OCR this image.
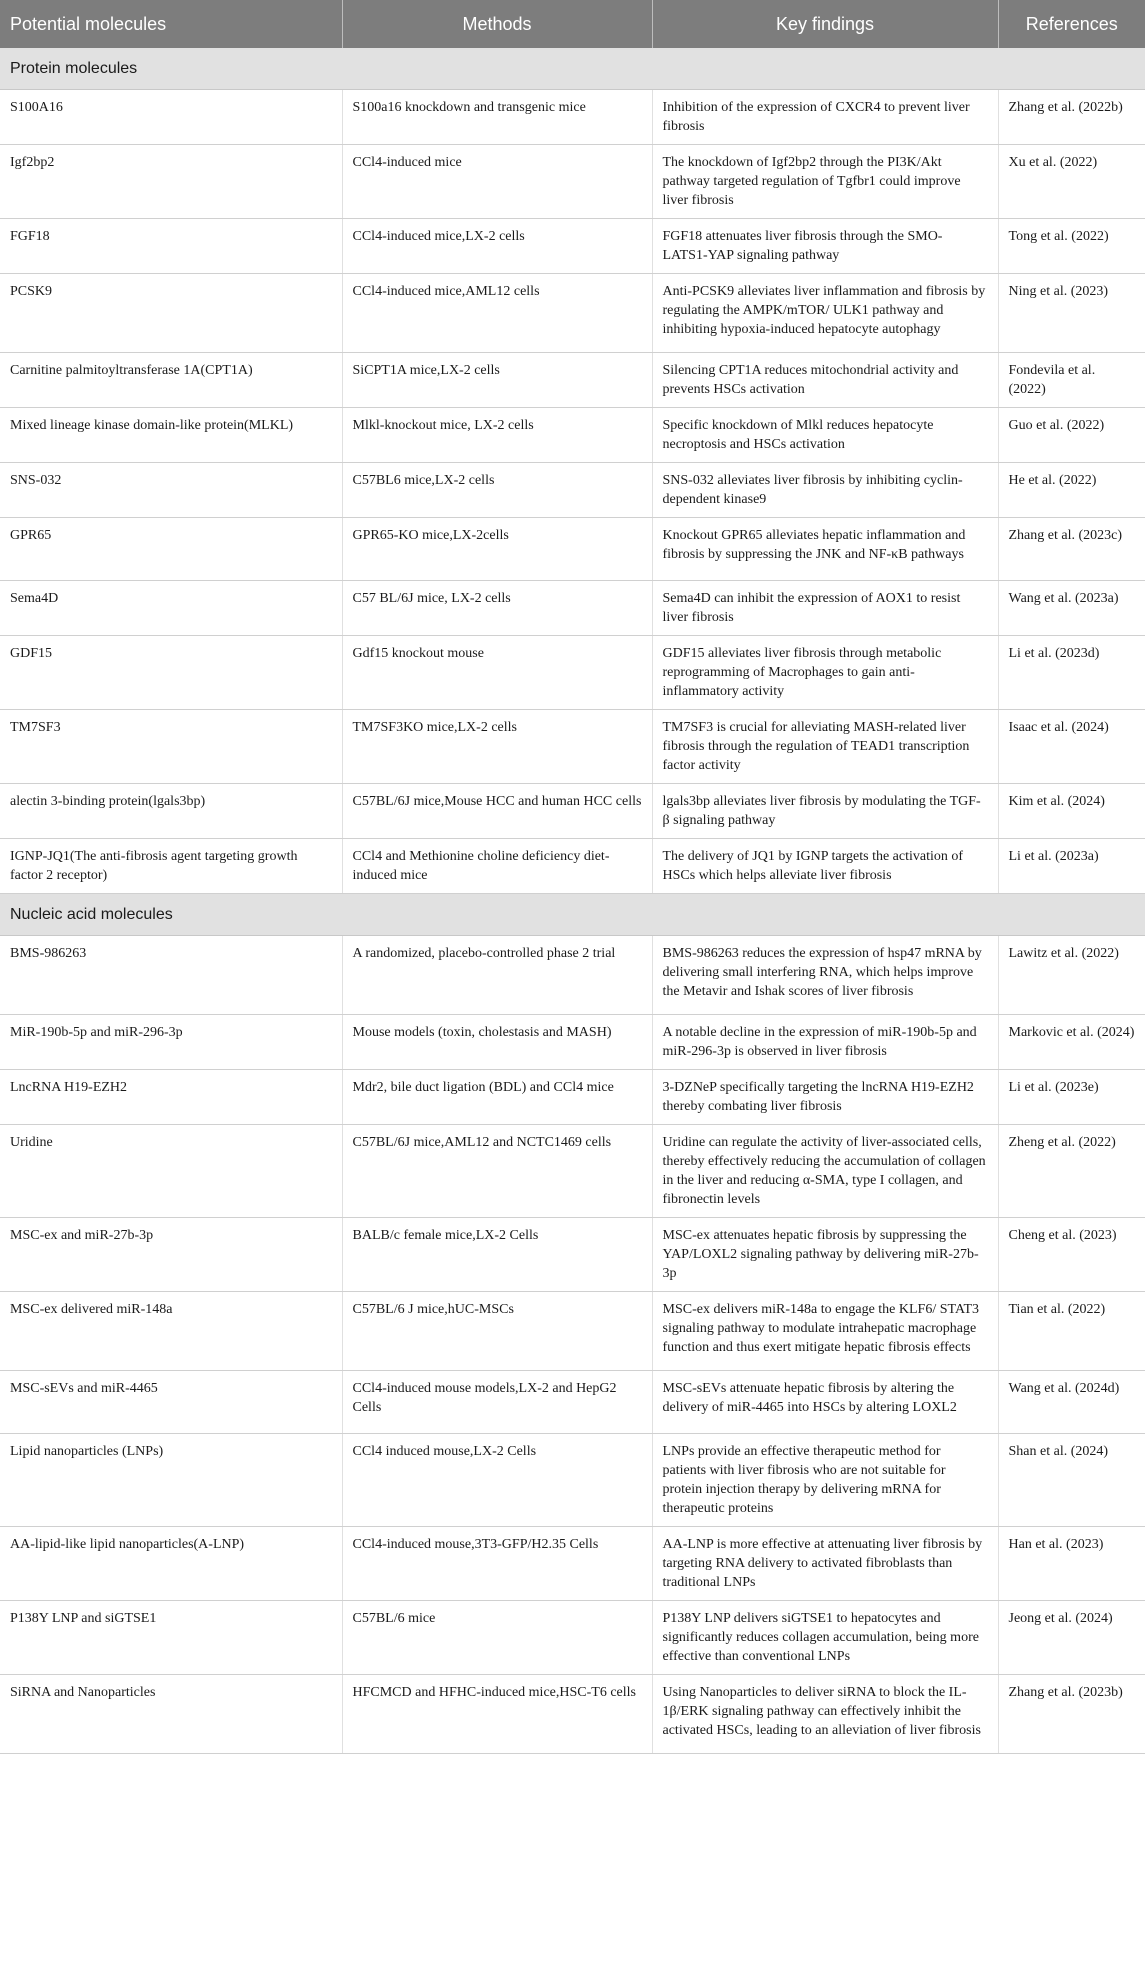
Potential molecules	Methods	Key findings	References
Protein molecules			
S100A16	S100a16 knockdown and transgenic mice	Inhibition of the expression of CXCR4 to prevent liver fibrosis	Zhang et al. (2022b)
Igf2bp2	CCl4-induced mice	The knockdown of Igf2bp2 through the PI3K/Akt pathway targeted regulation of Tgfbr1 could improve liver fibrosis	Xu et al. (2022)
FGF18	CCl4-induced mice,LX-2 cells	FGF18 attenuates liver fibrosis through the SMO-LATS1-YAP signaling pathway	Tong et al. (2022)
PCSK9	CCl4-induced mice,AML12 cells	Anti-PCSK9 alleviates liver inflammation and fibrosis by regulating the AMPK/mTOR/ ULK1 pathway and inhibiting hypoxia-induced hepatocyte autophagy	Ning et al. (2023)
Carnitine palmitoyltransferase 1A(CPT1A)	SiCPT1A mice,LX-2 cells	Silencing CPT1A reduces mitochondrial activity and prevents HSCs activation	Fondevila et al. (2022)
Mixed lineage kinase domain-like protein(MLKL)	Mlkl-knockout mice, LX-2 cells	Specific knockdown of Mlkl reduces hepatocyte necroptosis and HSCs activation	Guo et al. (2022)
SNS-032	C57BL6 mice,LX-2 cells	SNS-032 alleviates liver fibrosis by inhibiting cyclin-dependent kinase9	He et al. (2022)
GPR65	GPR65-KO mice,LX-2cells	Knockout GPR65 alleviates hepatic inflammation and fibrosis by suppressing the JNK and NF-κB pathways	Zhang et al. (2023c)
Sema4D	C57 BL/6J mice, LX-2 cells	Sema4D can inhibit the expression of AOX1 to resist liver fibrosis	Wang et al. (2023a)
GDF15	Gdf15 knockout mouse	GDF15 alleviates liver fibrosis through metabolic reprogramming of Macrophages to gain anti-inflammatory activity	Li et al. (2023d)
TM7SF3	TM7SF3KO mice,LX-2 cells	TM7SF3 is crucial for alleviating MASH-related liver fibrosis through the regulation of TEAD1 transcription factor activity	Isaac et al. (2024)
alectin 3-binding protein(lgals3bp)	C57BL/6J mice,Mouse HCC and human HCC cells	lgals3bp alleviates liver fibrosis by modulating the TGF-β signaling pathway	Kim et al. (2024)
IGNP-JQ1(The anti-fibrosis agent targeting growth factor 2 receptor)	CCl4 and Methionine choline deficiency diet-induced mice	The delivery of JQ1 by IGNP targets the activation of HSCs which helps alleviate liver fibrosis	Li et al. (2023a)
Nucleic acid molecules			
BMS-986263	A randomized, placebo-controlled phase 2 trial	BMS-986263 reduces the expression of hsp47 mRNA by delivering small interfering RNA, which helps improve the Metavir and Ishak scores of liver fibrosis	Lawitz et al. (2022)
MiR-190b-5p and miR-296-3p	Mouse models (toxin, cholestasis and MASH)	A notable decline in the expression of miR-190b-5p and miR-296-3p is observed in liver fibrosis	Markovic et al. (2024)
LncRNA H19-EZH2	Mdr2, bile duct ligation (BDL) and CCl4 mice	3-DZNeP specifically targeting the lncRNA H19-EZH2 thereby combating liver fibrosis	Li et al. (2023e)
Uridine	C57BL/6J mice,AML12 and NCTC1469 cells	Uridine can regulate the activity of liver-associated cells, thereby effectively reducing the accumulation of collagen in the liver and reducing α-SMA, type I collagen, and fibronectin levels	Zheng et al. (2022)
MSC-ex and miR-27b-3p	BALB/c female mice,LX-2 Cells	MSC-ex attenuates hepatic fibrosis by suppressing the YAP/LOXL2 signaling pathway by delivering miR-27b-3p	Cheng et al. (2023)
MSC-ex delivered miR-148a	C57BL/6 J mice,hUC-MSCs	MSC-ex delivers miR-148a to engage the KLF6/ STAT3 signaling pathway to modulate intrahepatic macrophage function and thus exert mitigate hepatic fibrosis effects	Tian et al. (2022)
MSC-sEVs and miR-4465	CCl4-induced mouse models,LX-2 and HepG2 Cells	MSC-sEVs attenuate hepatic fibrosis by altering the delivery of miR-4465 into HSCs by altering LOXL2	Wang et al. (2024d)
Lipid nanoparticles (LNPs)	CCl4 induced mouse,LX-2 Cells	LNPs provide an effective therapeutic method for patients with liver fibrosis who are not suitable for protein injection therapy by delivering mRNA for therapeutic proteins	Shan et al. (2024)
AA-lipid-like lipid nanoparticles(A-LNP)	CCl4-induced mouse,3T3-GFP/H2.35 Cells	AA-LNP is more effective at attenuating liver fibrosis by targeting RNA delivery to activated fibroblasts than traditional LNPs	Han et al. (2023)
P138Y LNP and siGTSE1	C57BL/6 mice	P138Y LNP delivers siGTSE1 to hepatocytes and significantly reduces collagen accumulation, being more effective than conventional LNPs	Jeong et al. (2024)
SiRNA and Nanoparticles	HFCMCD and HFHC-induced mice,HSC-T6 cells	Using Nanoparticles to deliver siRNA to block the IL-1β/ERK signaling pathway can effectively inhibit the activated HSCs, leading to an alleviation of liver fibrosis	Zhang et al. (2023b)
